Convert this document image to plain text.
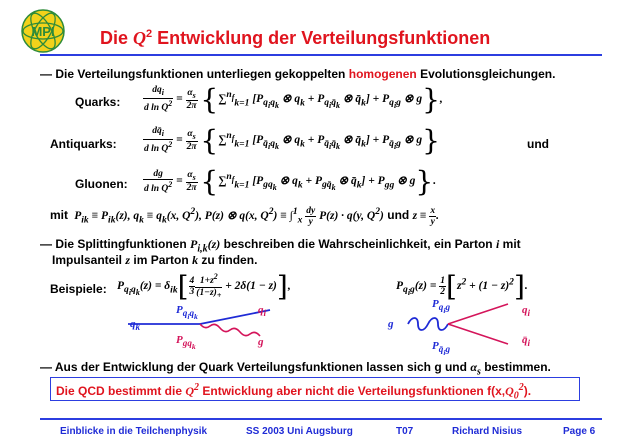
MPI	Die $Q^2$ Entwicklung der Verteilungsfunktionen
— Die Verteilungsfunktionen unterliegen gekoppelten homogenen Evolutionsgleichungen.
Quarks: $\frac{dq_i}{d \ln Q^2} = \frac{\alpha_s}{2\pi} \{\sum^{n_f}_{k=1}$ [$P_{q_iq_k}$ ⊗ $q_k + P_{q_iq̄_k}$ ⊗ $q̄_k] + P_{q_ig}$ ⊗ g},
Antiquarks:	$\frac{dq̄_i}{d \ln Q^2} = \frac{\alpha_s}{2\pi} \{\sum^{n_f}_{k=1}$ [$P_{q̄_iq_k}$ ⊗ $q_k + P_{q̄_iq̄_k}$ ⊗ $q̄_k] + P_{q̄_ig}$ ⊗ g}	und
Gluonen: $\frac{dg}{d \ln Q^2} = \frac{\alpha_s}{2\pi} \{\sum^{n_f}_{k=1}$ [$P_{gq_k}$ ⊗ $q_k + P_{gq̄_k}$ ⊗ $q̄_k] + P_{gg}$ ⊗ g}.
mit  $P_{ik} \equiv P_{ik}(z)$, $q_k \equiv q_k(x$, $Q^2$), P(z) ⊗ q(x, $Q^2) \equiv \int^1_x \frac{dy}{y} P(z) \cdot q(y$, $Q^2$) und $z \equiv \frac{x}{y}$ .
— Die Splittingfunktionen $P_{i,k}(z)$ beschreiben die Wahrscheinlichkeit, ein Parton i mit
Impulsanteil z im Parton k zu finden.
Beispiele: $P_{q_iq_k}(z) = \delta_{ik}[ \frac{4}{3} \frac{1+z^2}{(1-z)_+} + 2\delta(1 - z)]$,	$P_{q_ig}(z) = \frac{1}{2} [z^2 + (1 - z)^2]$.
$q_k$
$P_{q_iq_k}$
$P_{gq_k}$
$q_i$
g
g
$P_{q_ig}$
$P_{q̄_ig}$
$q_i$
$q̄_i$
— Aus der Entwicklung der Quark Verteilungsfunktionen lassen sich g und $\alpha_s$ bestimmen.
Die QCD bestimmt die $Q^2$ Entwicklung aber nicht die Verteilungsfunktionen $f(x,Q_0^2)$.
Einblicke in die Teilchenphysik	SS 2003 Uni Augsburg	T07	Richard Nisius	Page 6
